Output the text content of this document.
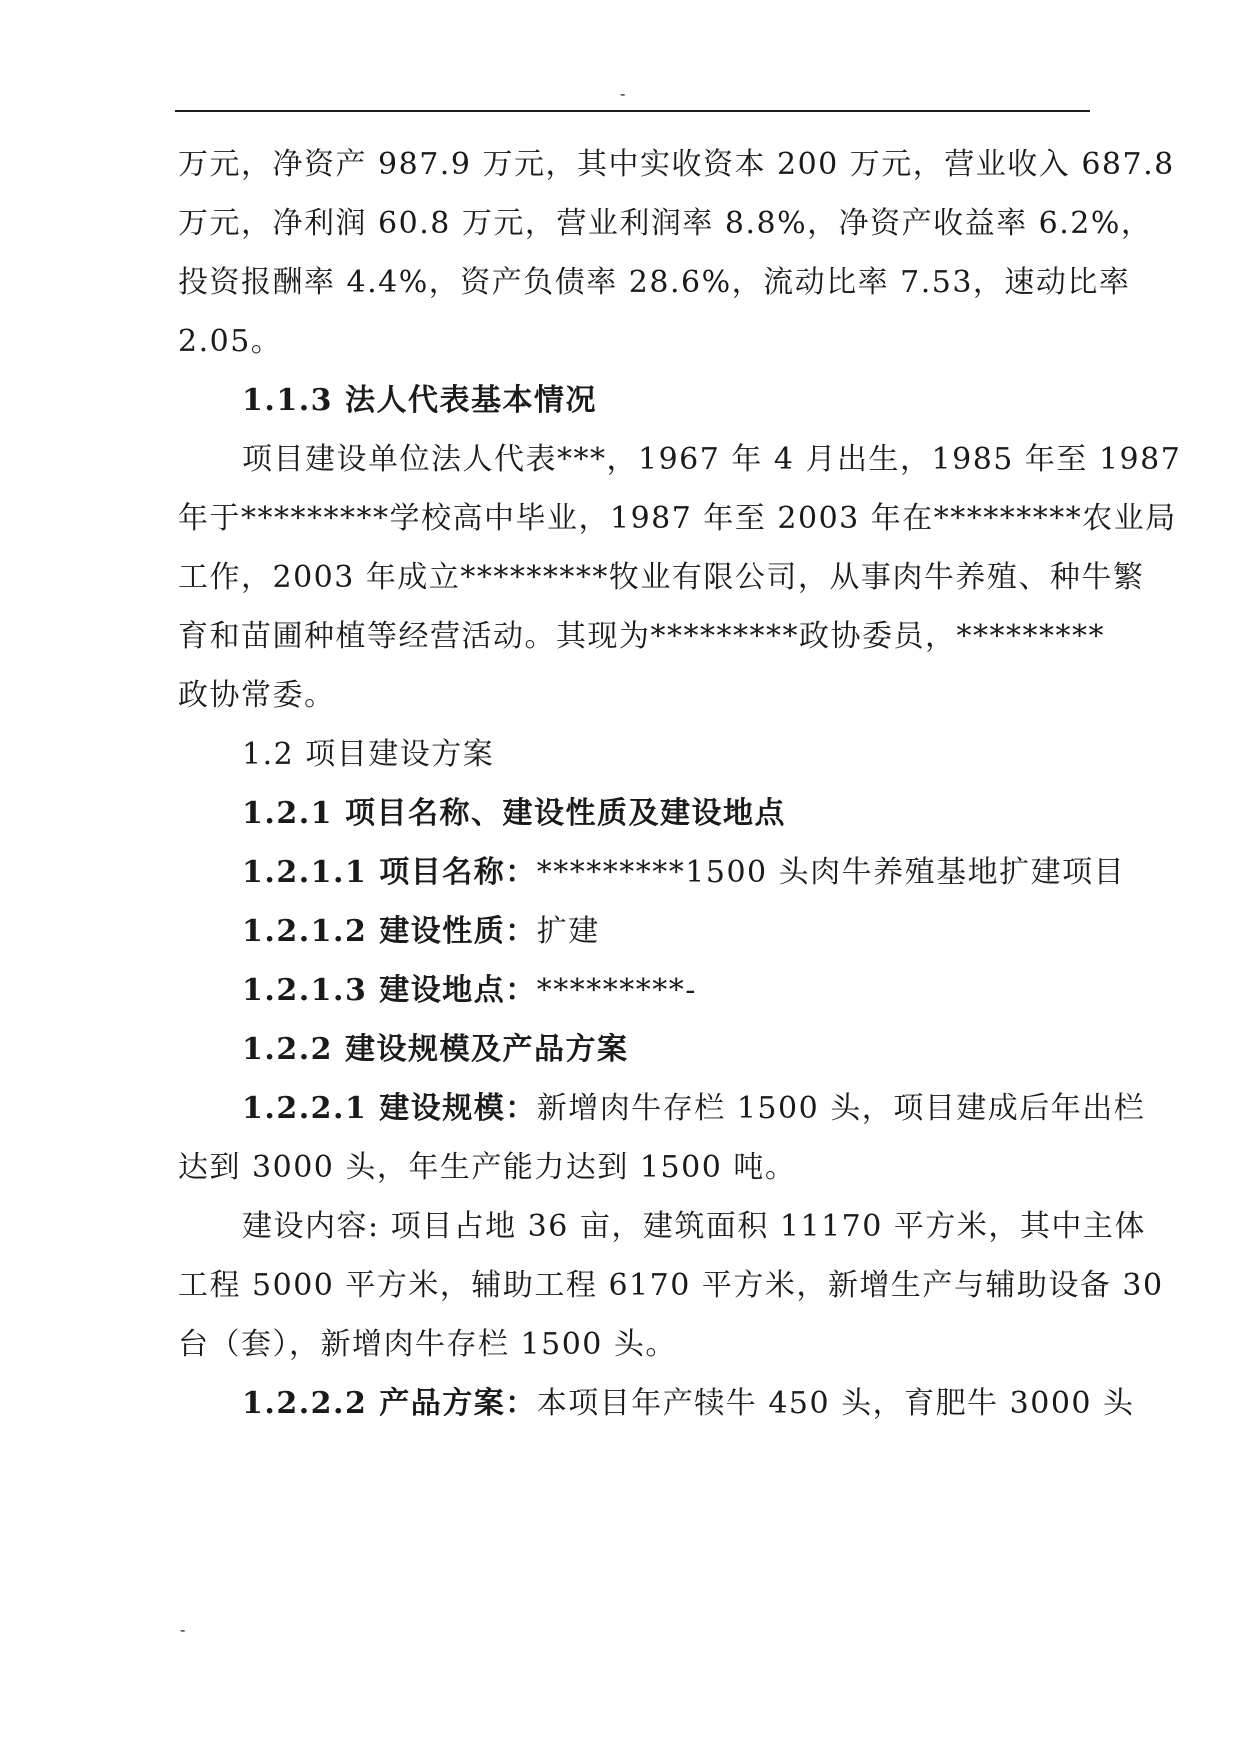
-
万元，净资产 987.9 万元，其中实收资本 200 万元，营业收入 687.8
万元，净利润 60.8 万元，营业利润率 8.8%，净资产收益率 6.2%，
投资报酬率 4.4%，资产负债率 28.6%，流动比率 7.53，速动比率
2.05。
1.1.3 法人代表基本情况
项目建设单位法人代表***，1967 年 4 月出生，1985 年至 1987
年于*********学校高中毕业，1987 年至 2003 年在*********农业局
工作，2003 年成立*********牧业有限公司，从事肉牛养殖、种牛繁
育和苗圃种植等经营活动。其现为*********政协委员，*********
政协常委。
1.2 项目建设方案
1.2.1 项目名称、建设性质及建设地点
1.2.1.1 项目名称：*********1500 头肉牛养殖基地扩建项目
1.2.1.2 建设性质：扩建
1.2.1.3 建设地点：*********-
1.2.2 建设规模及产品方案
1.2.2.1 建设规模：新增肉牛存栏 1500 头，项目建成后年出栏
达到 3000 头，年生产能力达到 1500 吨。
建设内容: 项目占地 36 亩，建筑面积 11170 平方米，其中主体
工程 5000 平方米，辅助工程 6170 平方米，新增生产与辅助设备 30
台（套），新增肉牛存栏 1500 头。
1.2.2.2 产品方案：本项目年产犊牛 450 头，育肥牛 3000 头
-
